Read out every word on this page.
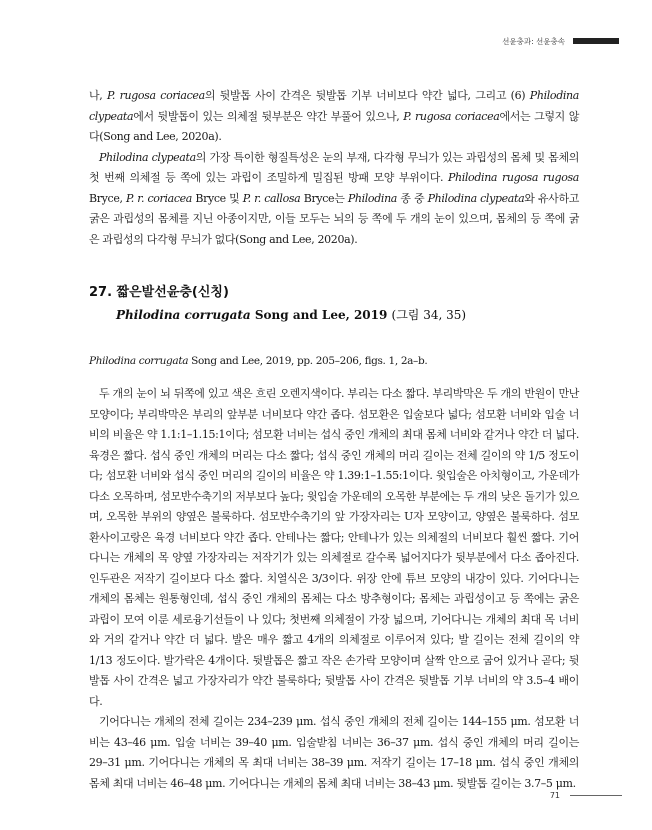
선윤충과: 선윤충속

나, P. rugosa coriacea의 뒷발톱 사이 간격은 뒷발톱 기부 너비보다 약간 넓다, 그리고 (6) Philodina clypeata에서 뒷발톱이 있는 의체절 뒷부분은 약간 부풀어 있으나, P. rugosa coriacea에서는 그렇지 않다(Song and Lee, 2020a).

Philodina clypeata의 가장 특이한 형질특성은 눈의 부재, 다각형 무늬가 있는 과립성의 몸체 및 몸체의 첫 번째 의체절 등 쪽에 있는 과립이 조밀하게 밀집된 방패 모양 부위이다. Philodina rugosa rugosa Bryce, P. r. coriacea Bryce 및 P. r. callosa Bryce는 Philodina 종 중 Philodina clypeata와 유사하고 굵은 과립성의 몸체를 지닌 아종이지만, 이들 모두는 뇌의 등 쪽에 두 개의 눈이 있으며, 몸체의 등 쪽에 굵은 과립성의 다각형 무늬가 없다(Song and Lee, 2020a).

27. 짧은발선윤충(신칭)
Philodina corrugata Song and Lee, 2019 (그림 34, 35)

Philodina corrugata Song and Lee, 2019, pp. 205–206, figs. 1, 2a–b.

두 개의 눈이 뇌 뒤쪽에 있고 색은 흐린 오렌지색이다. 부리는 다소 짧다. 부리박막은 두 개의 반원이 만난 모양이다; 부리박막은 부리의 앞부분 너비보다 약간 좁다. 섬모환은 입술보다 넓다; 섬모환 너비와 입술 너비의 비율은 약 1.1:1–1.15:1이다; 섬모환 너비는 섭식 중인 개체의 최대 몸체 너비와 같거나 약간 더 넓다. 육경은 짧다. 섭식 중인 개체의 머리는 다소 짧다; 섭식 중인 개체의 머리 길이는 전체 길이의 약 1/5 정도이다; 섬모환 너비와 섭식 중인 머리의 길이의 비율은 약 1.39:1–1.55:1이다. 윗입술은 아치형이고, 가운데가 다소 오목하며, 섬모반수축기의 저부보다 높다; 윗입술 가운데의 오목한 부분에는 두 개의 낮은 돌기가 있으며, 오목한 부위의 양옆은 불룩하다. 섬모반수축기의 앞 가장자리는 U자 모양이고, 양옆은 불룩하다. 섬모환사이고랑은 육경 너비보다 약간 좁다. 안테나는 짧다; 안테나가 있는 의체절의 너비보다 훨씬 짧다. 기어다니는 개체의 목 양옆 가장자리는 저작기가 있는 의체절로 갈수록 넓어지다가 뒷부분에서 다소 좁아진다. 인두관은 저작기 길이보다 다소 짧다. 치열식은 3/3이다. 위장 안에 튜브 모양의 내강이 있다. 기어다니는 개체의 몸체는 원통형인데, 섭식 중인 개체의 몸체는 다소 방추형이다; 몸체는 과립성이고 등 쪽에는 굵은 과립이 모여 이룬 세로융기선들이 나 있다; 첫번째 의체절이 가장 넓으며, 기어다니는 개체의 최대 목 너비와 거의 같거나 약간 더 넓다. 발은 매우 짧고 4개의 의체절로 이루어져 있다; 발 길이는 전체 길이의 약 1/13 정도이다. 발가락은 4개이다. 뒷발톱은 짧고 작은 손가락 모양이며 살짝 안으로 굽어 있거나 곧다; 뒷발톱 사이 간격은 넓고 가장자리가 약간 불룩하다; 뒷발톱 사이 간격은 뒷발톱 기부 너비의 약 3.5–4 배이다.

기어다니는 개체의 전체 길이는 234–239 μm. 섭식 중인 개체의 전체 길이는 144–155 μm. 섬모환 너비는 43–46 μm. 입술 너비는 39–40 μm. 입술받침 너비는 36–37 μm. 섭식 중인 개체의 머리 길이는 29–31 μm. 기어다니는 개체의 목 최대 너비는 38–39 μm. 저작기 길이는 17–18 μm. 섭식 중인 개체의 몸체 최대 너비는 46–48 μm. 기어다니는 개체의 몸체 최대 너비는 38–43 μm. 뒷발톱 길이는 3.7–5 μm.

71
